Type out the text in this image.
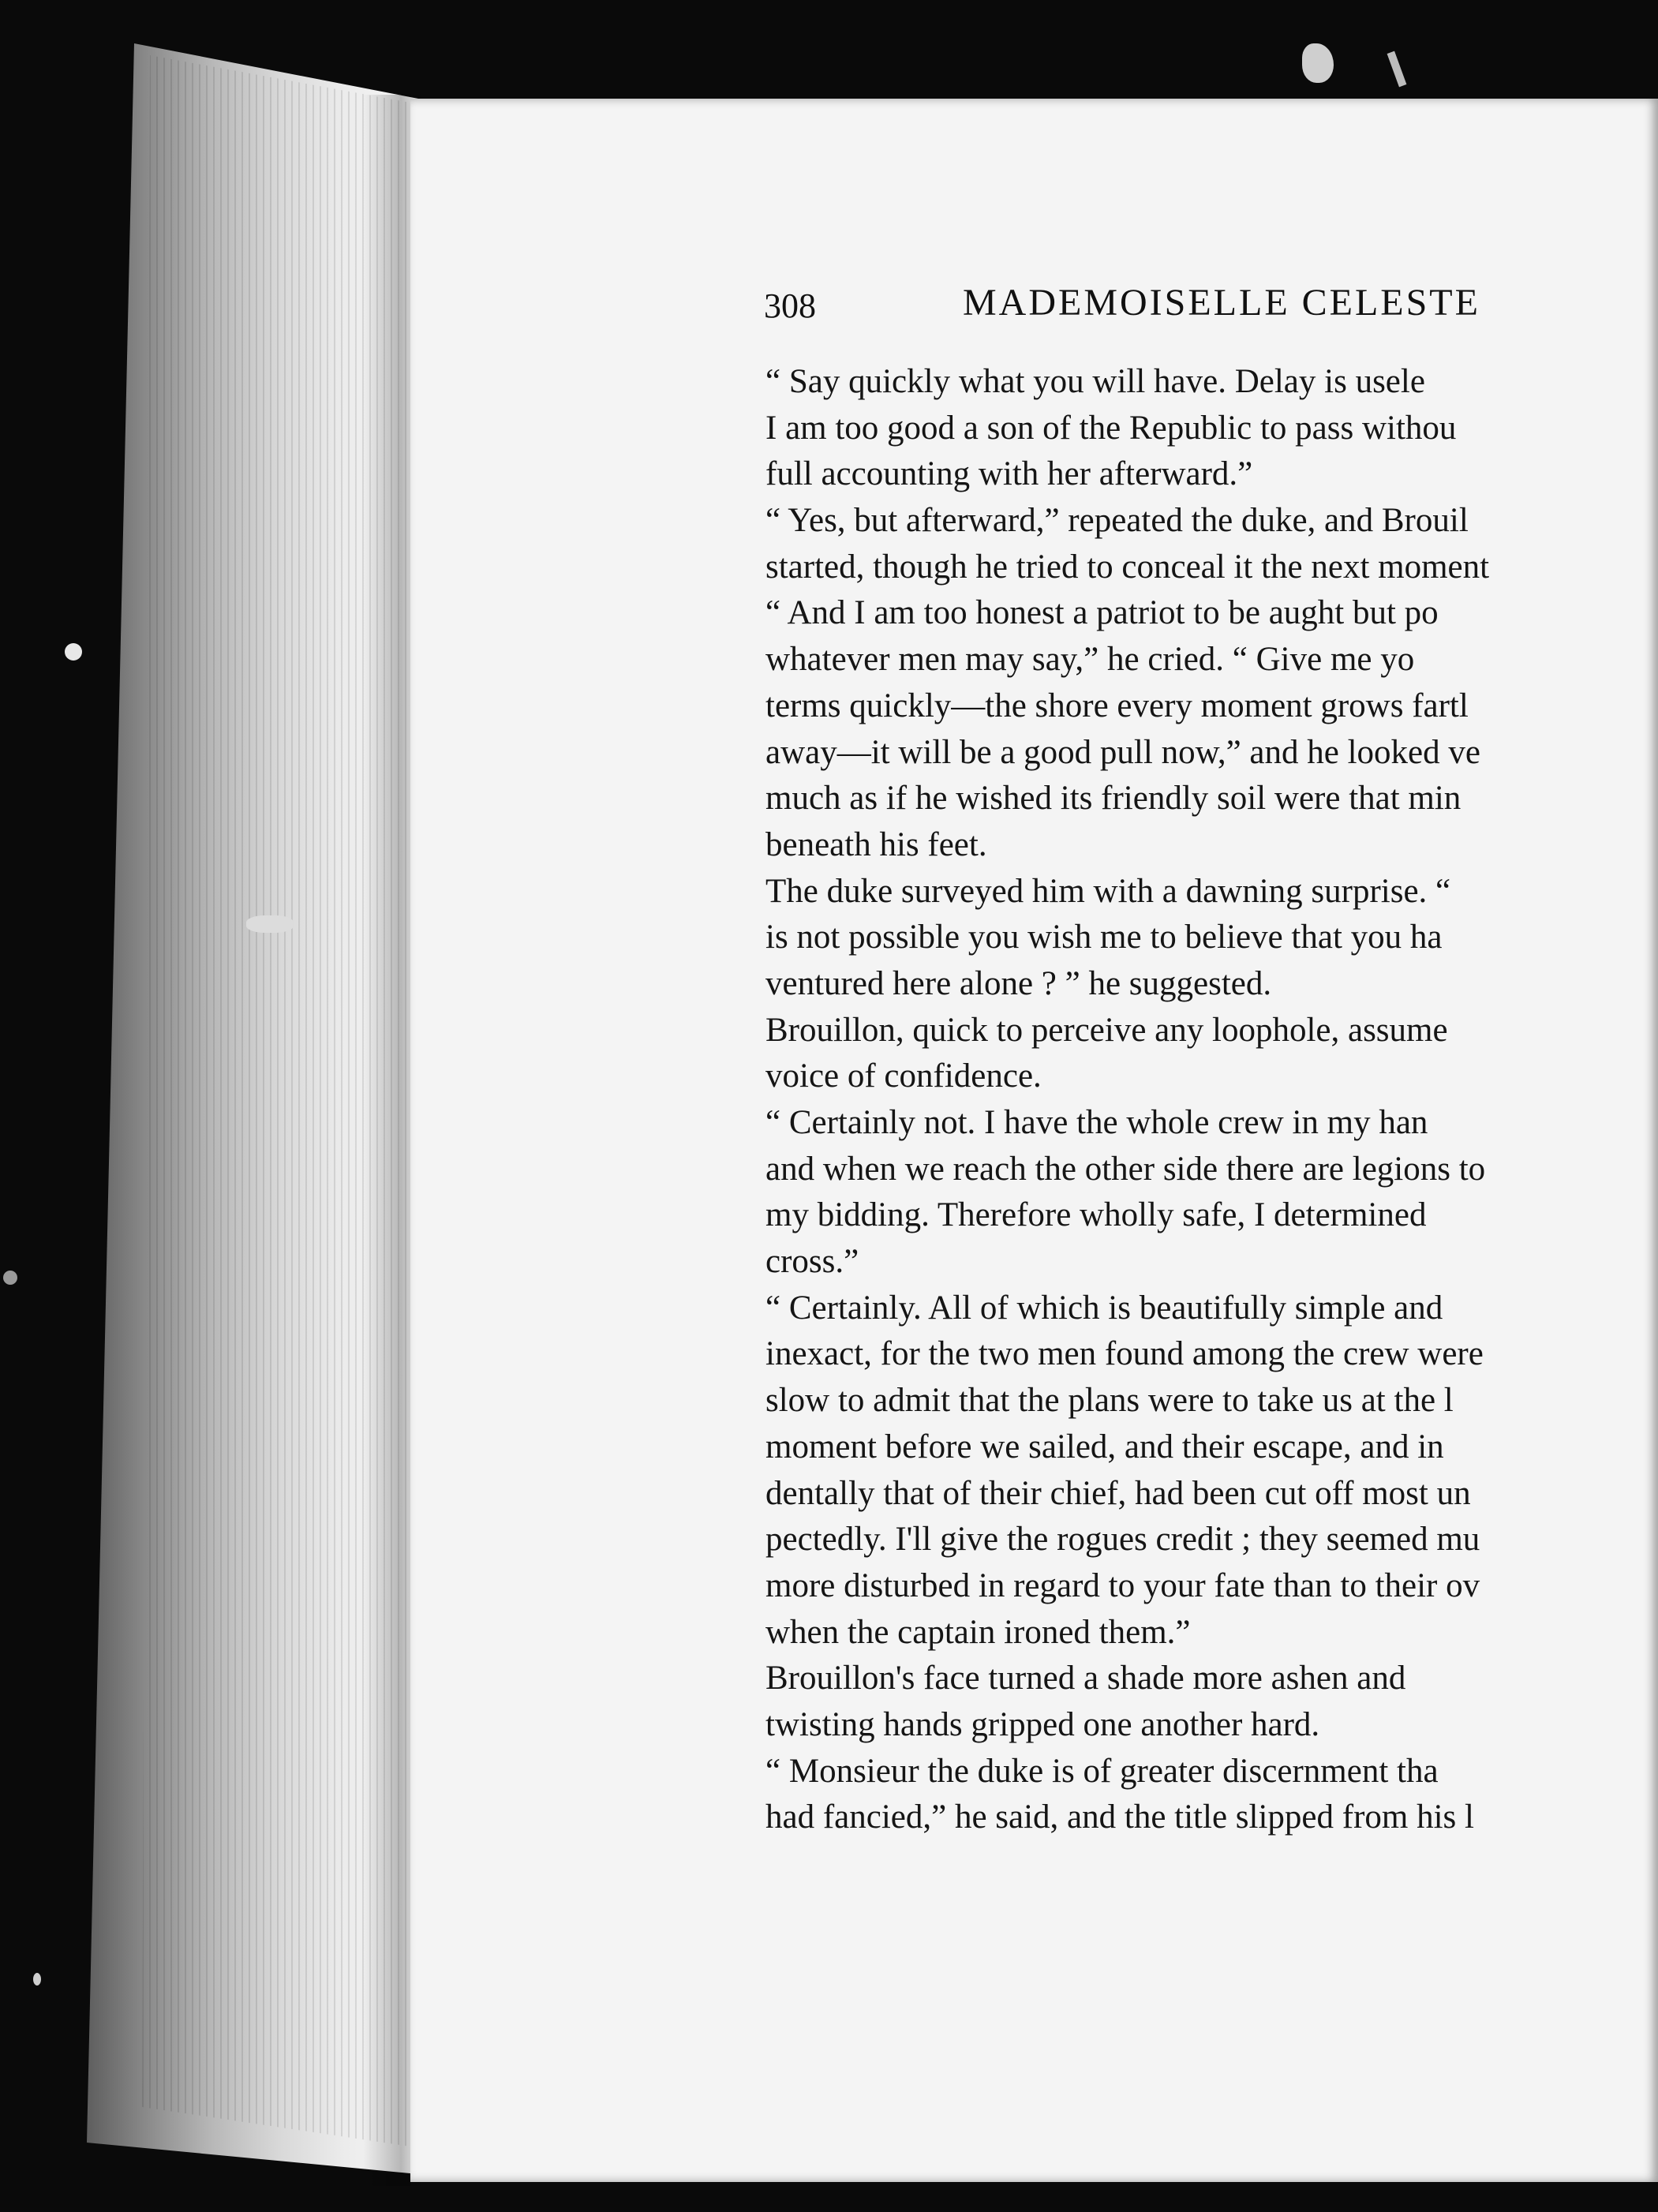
308	MADEMOISELLE CELESTE
“ Say quickly what you will have. Delay is usele
I am too good a son of the Republic to pass withou
full accounting with her afterward.”
“ Yes, but afterward,” repeated the duke, and Brouil
started, though he tried to conceal it the next moment
“ And I am too honest a patriot to be aught but po
whatever men may say,” he cried. “ Give me yo
terms quickly—the shore every moment grows fartl
away—it will be a good pull now,” and he looked ve
much as if he wished its friendly soil were that min
beneath his feet.
The duke surveyed him with a dawning surprise. “
is not possible you wish me to believe that you ha
ventured here alone ? ” he suggested.
Brouillon, quick to perceive any loophole, assume
voice of confidence.
“ Certainly not. I have the whole crew in my han
and when we reach the other side there are legions to
my bidding. Therefore wholly safe, I determined
cross.”
“ Certainly. All of which is beautifully simple and
inexact, for the two men found among the crew were
slow to admit that the plans were to take us at the l
moment before we sailed, and their escape, and in
dentally that of their chief, had been cut off most un
pectedly. I'll give the rogues credit ; they seemed mu
more disturbed in regard to your fate than to their ov
when the captain ironed them.”
Brouillon's face turned a shade more ashen and
twisting hands gripped one another hard.
“ Monsieur the duke is of greater discernment tha
had fancied,” he said, and the title slipped from his l
